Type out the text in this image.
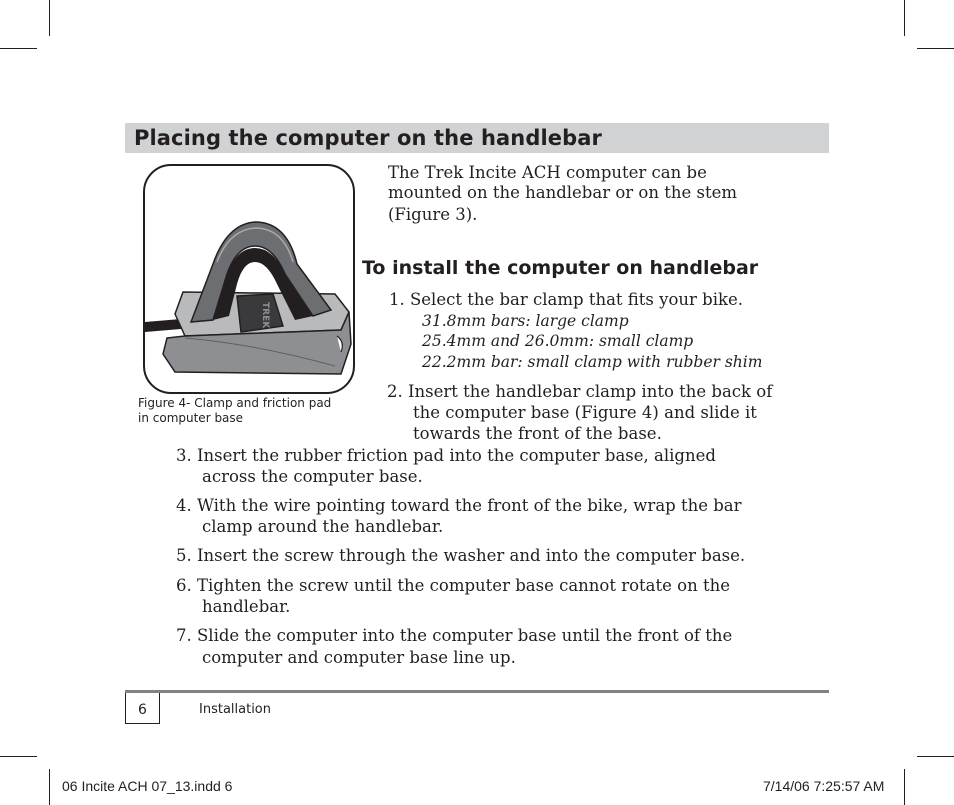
Placing the computer on the handlebar
TREK
Figure 4- Clamp and friction pad
in computer base
The Trek Incite ACH computer can be
mounted on the handlebar or on the stem
(Figure 3).
To install the computer on handlebar
1. Select the bar clamp that fits your bike.
31.8mm bars: large clamp
25.4mm and 26.0mm: small clamp
22.2mm bar: small clamp with rubber shim
2. Insert the handlebar clamp into the back of
the computer base (Figure 4) and slide it
towards the front of the base.
3. Insert the rubber friction pad into the computer base, aligned
across the computer base.
4. With the wire pointing toward the front of the bike, wrap the bar
clamp around the handlebar.
5. Insert the screw through the washer and into the computer base.
6. Tighten the screw until the computer base cannot rotate on the
handlebar.
7. Slide the computer into the computer base until the front of the
computer and computer base line up.
6	Installation
06 Incite ACH 07_13.indd 6	7/14/06 7:25:57 AM
